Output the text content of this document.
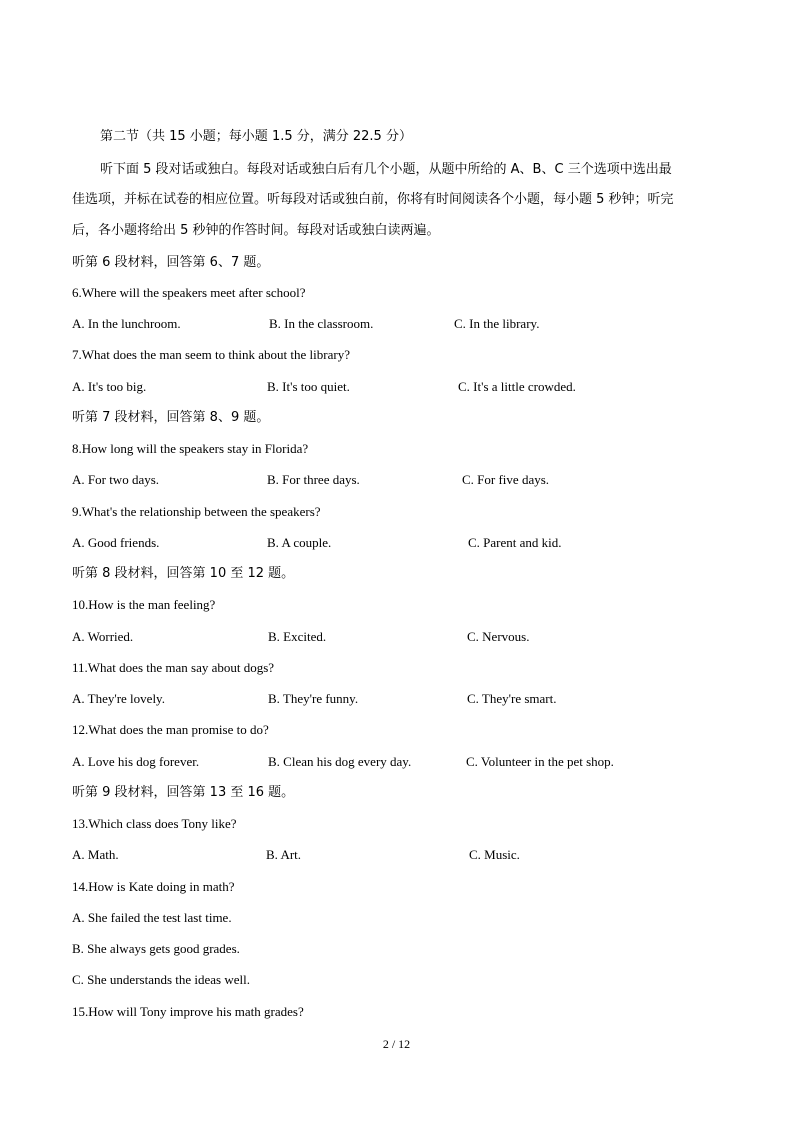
第二节（共 15 小题；每小题 1.5 分，满分 22.5 分）
听下面 5 段对话或独白。每段对话或独白后有几个小题，从题中所给的 A、B、C 三个选项中选出最
佳选项，并标在试卷的相应位置。听每段对话或独白前，你将有时间阅读各个小题，每小题 5 秒钟；听完
后，各小题将给出 5 秒钟的作答时间。每段对话或独白读两遍。
听第 6 段材料，回答第 6、7 题。
6.Where will the speakers meet after school?
A. In the lunchroom.	B. In the classroom.	C. In the library.
7.What does the man seem to think about the library?
A. It's too big.	B. It's too quiet.	C. It's a little crowded.
听第 7 段材料，回答第 8、9 题。
8.How long will the speakers stay in Florida?
A. For two days.	B. For three days.	C. For five days.
9.What's the relationship between the speakers?
A. Good friends.	B. A couple.	C. Parent and kid.
听第 8 段材料，回答第 10 至 12 题。
10.How is the man feeling?
A. Worried.	B. Excited.	C. Nervous.
11.What does the man say about dogs?
A. They're lovely.	B. They're funny.	C. They're smart.
12.What does the man promise to do?
A. Love his dog forever.	B. Clean his dog every day.	C. Volunteer in the pet shop.
听第 9 段材料，回答第 13 至 16 题。
13.Which class does Tony like?
A. Math.	B. Art.	C. Music.
14.How is Kate doing in math?
A. She failed the test last time.
B. She always gets good grades.
C. She understands the ideas well.
15.How will Tony improve his math grades?
2 / 12
